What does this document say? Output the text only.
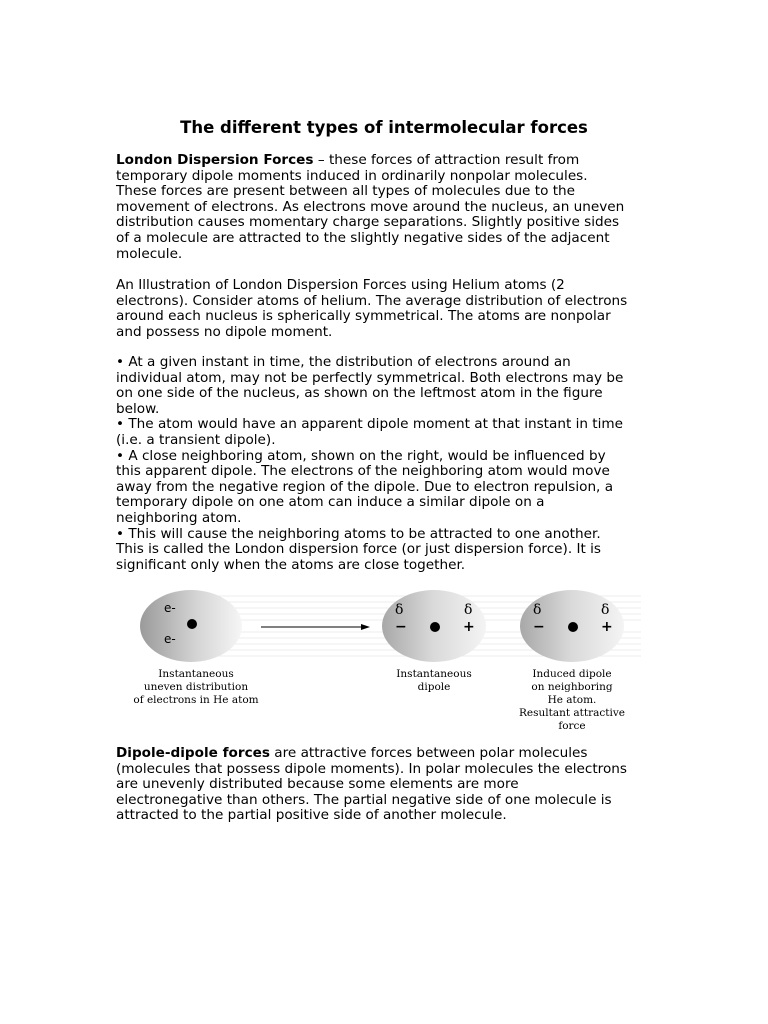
The different types of intermolecular forces

London Dispersion Forces – these forces of attraction result from
temporary dipole moments induced in ordinarily nonpolar molecules.
These forces are present between all types of molecules due to the
movement of electrons. As electrons move around the nucleus, an uneven
distribution causes momentary charge separations. Slightly positive sides
of a molecule are attracted to the slightly negative sides of the adjacent
molecule.

An Illustration of London Dispersion Forces using Helium atoms (2
electrons). Consider atoms of helium. The average distribution of electrons
around each nucleus is spherically symmetrical. The atoms are nonpolar
and possess no dipole moment.

• At a given instant in time, the distribution of electrons around an
individual atom, may not be perfectly symmetrical. Both electrons may be
on one side of the nucleus, as shown on the leftmost atom in the figure
below.
• The atom would have an apparent dipole moment at that instant in time
(i.e. a transient dipole).
• A close neighboring atom, shown on the right, would be influenced by
this apparent dipole. The electrons of the neighboring atom would move
away from the negative region of the dipole. Due to electron repulsion, a
temporary dipole on one atom can induce a similar dipole on a
neighboring atom.
• This will cause the neighboring atoms to be attracted to one another.
This is called the London dispersion force (or just dispersion force). It is
significant only when the atoms are close together.

e-
e-
δ	δ
−	+
δ	δ
−	+
Instantaneous
uneven distribution
of electrons in He atom
Instantaneous
dipole
Induced dipole
on neighboring
He atom.
Resultant attractive
force

Dipole-dipole forces are attractive forces between polar molecules
(molecules that possess dipole moments). In polar molecules the electrons
are unevenly distributed because some elements are more
electronegative than others. The partial negative side of one molecule is
attracted to the partial positive side of another molecule.
